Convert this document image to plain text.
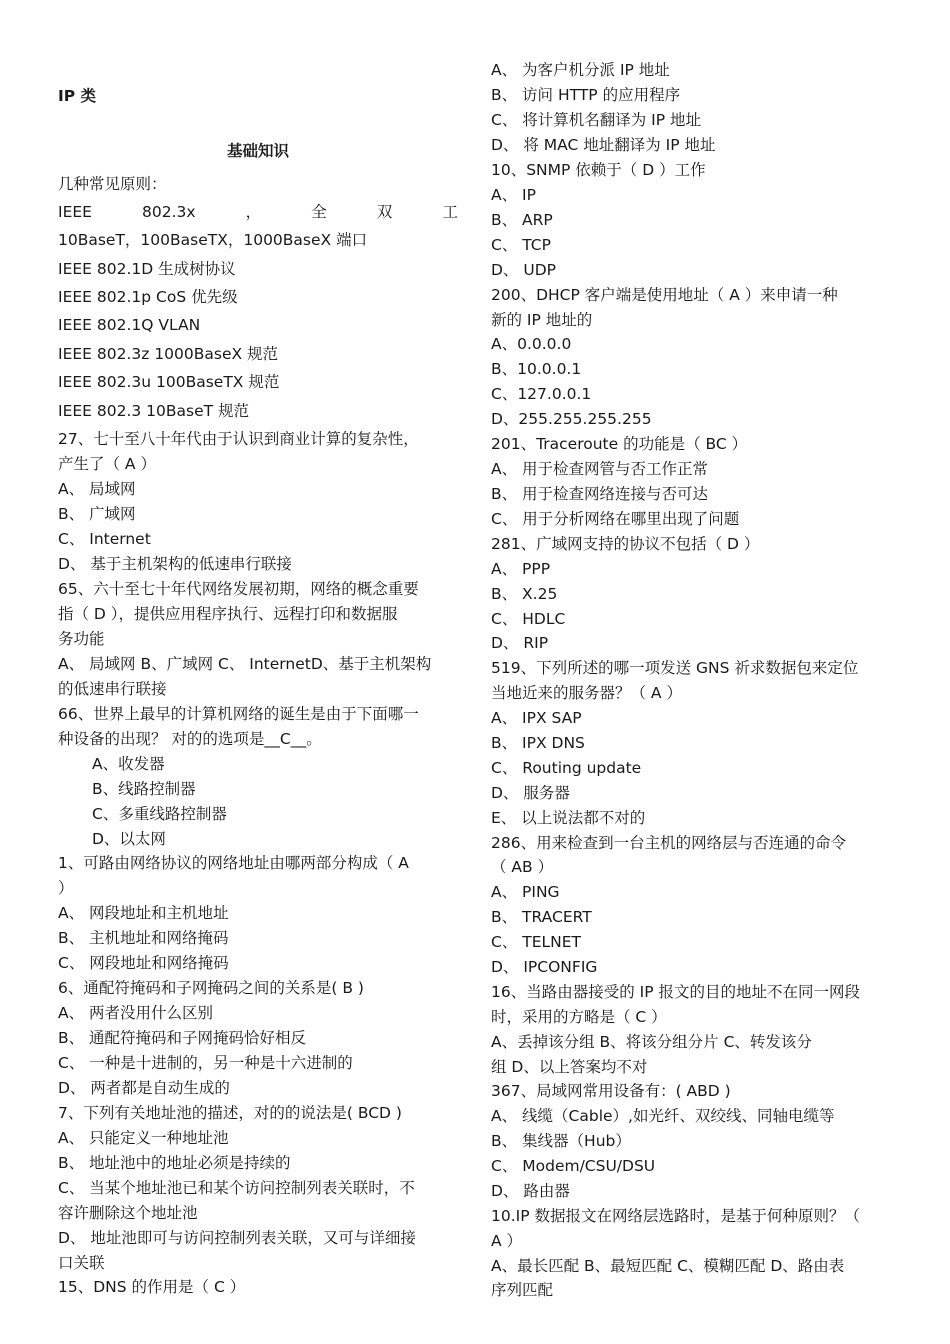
IP 类
基础知识
几种常见原则：
IEEE	802.3x	，	全	双	工
10BaseT，100BaseTX，1000BaseX 端口
IEEE 802.1D 生成树协议
IEEE 802.1p CoS 优先级
IEEE 802.1Q VLAN
IEEE 802.3z 1000BaseX 规范
IEEE 802.3u 100BaseTX 规范
IEEE 802.3 10BaseT 规范
27、七十至八十年代由于认识到商业计算的复杂性，
产生了（ A ）
A、 局域网
B、 广域网
C、 Internet
D、 基于主机架构的低速串行联接
65、六十至七十年代网络发展初期，网络的概念重要
指（ D ），提供应用程序执行、远程打印和数据服
务功能
A、 局域网 B、广域网 C、 InternetD、基于主机架构
的低速串行联接
66、世界上最早的计算机网络的诞生是由于下面哪一
种设备的出现？ 对的的选项是__C__。
A、收发器
B、线路控制器
C、多重线路控制器
D、以太网
1、可路由网络协议的网络地址由哪两部分构成（ A
）
A、 网段地址和主机地址
B、 主机地址和网络掩码
C、 网段地址和网络掩码
6、通配符掩码和子网掩码之间的关系是( B )
A、 两者没用什么区别
B、 通配符掩码和子网掩码恰好相反
C、 一种是十进制的，另一种是十六进制的
D、 两者都是自动生成的
7、下列有关地址池的描述，对的的说法是( BCD )
A、 只能定义一种地址池
B、 地址池中的地址必须是持续的
C、 当某个地址池已和某个访问控制列表关联时，不
容许删除这个地址池
D、 地址池即可与访问控制列表关联，又可与详细接
口关联
15、DNS 的作用是（ C ）
A、 为客户机分派 IP 地址
B、 访问 HTTP 的应用程序
C、 将计算机名翻译为 IP 地址
D、 将 MAC 地址翻译为 IP 地址
10、SNMP 依赖于（ D ）工作
A、 IP
B、 ARP
C、 TCP
D、 UDP
200、DHCP 客户端是使用地址（ A ）来申请一种
新的 IP 地址的
A、0.0.0.0
B、10.0.0.1
C、127.0.0.1
D、255.255.255.255
201、Traceroute 的功能是（ BC ）
A、 用于检查网管与否工作正常
B、 用于检查网络连接与否可达
C、 用于分析网络在哪里出现了问题
281、广域网支持的协议不包括（ D ）
A、 PPP
B、 X.25
C、 HDLC
D、 RIP
519、下列所述的哪一项发送 GNS 祈求数据包来定位
当地近来的服务器？（ A ）
A、 IPX SAP
B、 IPX DNS
C、 Routing update
D、 服务器
E、 以上说法都不对的
286、用来检查到一台主机的网络层与否连通的命令
（ AB ）
A、 PING
B、 TRACERT
C、 TELNET
D、 IPCONFIG
16、当路由器接受的 IP 报文的目的地址不在同一网段
时，采用的方略是（ C ）
A、丢掉该分组 B、将该分组分片 C、转发该分
组 D、以上答案均不对
367、局域网常用设备有：( ABD )
A、 线缆（Cable）,如光纤、双绞线、同轴电缆等
B、 集线器（Hub）
C、 Modem/CSU/DSU
D、 路由器
10.IP 数据报文在网络层选路时，是基于何种原则？（
A ）
A、最长匹配 B、最短匹配 C、模糊匹配 D、路由表
序列匹配
